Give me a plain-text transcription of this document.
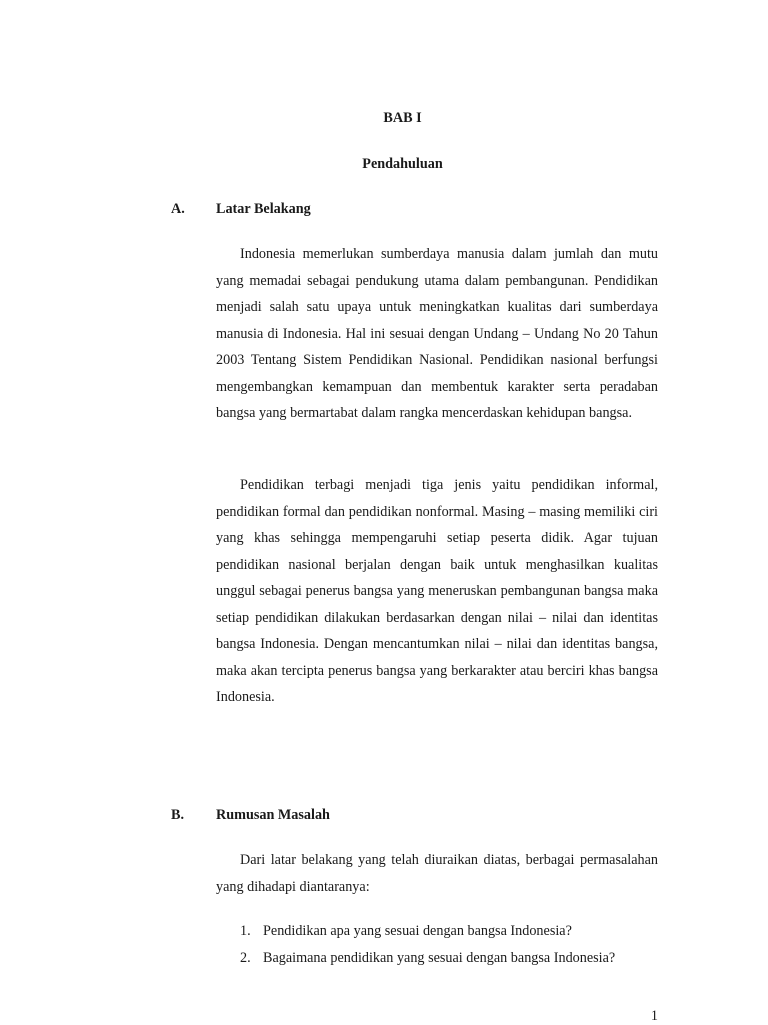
BAB I
Pendahuluan
A. Latar Belakang

Indonesia memerlukan sumberdaya manusia dalam jumlah dan mutu yang memadai sebagai pendukung utama dalam pembangunan. Pendidikan menjadi salah satu upaya untuk meningkatkan kualitas dari sumberdaya manusia di Indonesia. Hal ini sesuai dengan Undang – Undang No 20 Tahun 2003 Tentang Sistem Pendidikan Nasional. Pendidikan nasional berfungsi mengembangkan kemampuan dan membentuk karakter serta peradaban bangsa yang bermartabat dalam rangka mencerdaskan kehidupan bangsa.

Pendidikan terbagi menjadi tiga jenis yaitu pendidikan informal, pendidikan formal dan pendidikan nonformal. Masing – masing memiliki ciri yang khas sehingga mempengaruhi setiap peserta didik. Agar tujuan pendidikan nasional berjalan dengan baik untuk menghasilkan kualitas unggul sebagai penerus bangsa yang meneruskan pembangunan bangsa maka setiap pendidikan dilakukan berdasarkan dengan nilai – nilai dan identitas bangsa Indonesia. Dengan mencantumkan nilai – nilai dan identitas bangsa, maka akan tercipta penerus bangsa yang berkarakter atau berciri khas bangsa Indonesia.

B. Rumusan Masalah

Dari latar belakang yang telah diuraikan diatas, berbagai permasalahan yang dihadapi diantaranya:

1. Pendidikan apa yang sesuai dengan bangsa Indonesia?
2. Bagaimana pendidikan yang sesuai dengan bangsa Indonesia?
1
